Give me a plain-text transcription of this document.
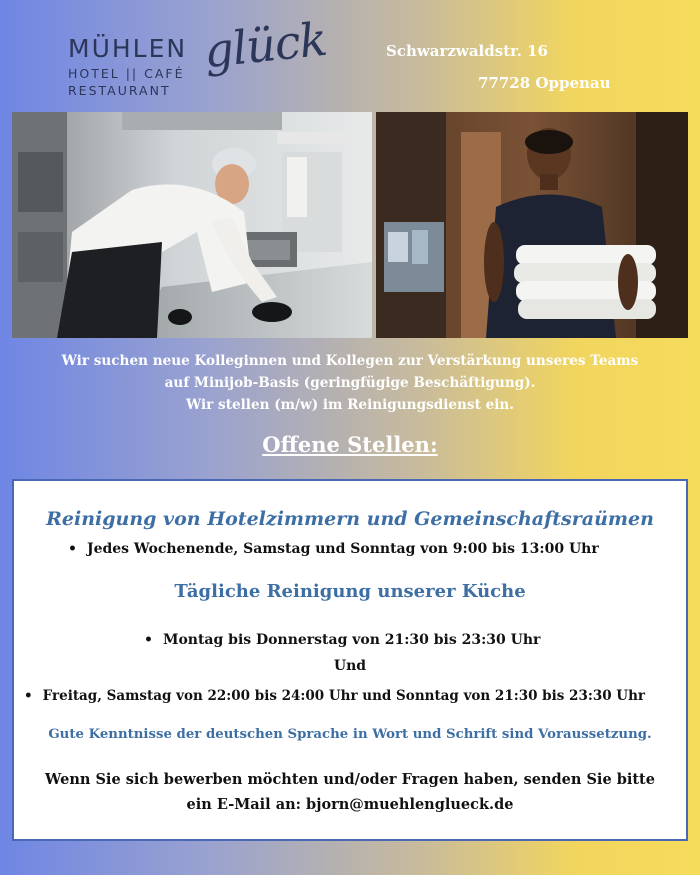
MÜHLEN glück
HOTEL || CAFÉ
RESTAURANT
Schwarzwaldstr. 16
77728 Oppenau
Wir suchen neue Kolleginnen und Kollegen zur Verstärkung unseres Teams
auf Minijob-Basis (geringfügige Beschäftigung).
Wir stellen (m/w) im Reinigungsdienst ein.
Offene Stellen:
Reinigung von Hotelzimmern und Gemeinschaftsraümen
• Jedes Wochenende, Samstag und Sonntag von 9:00 bis 13:00 Uhr
Tägliche Reinigung unserer Küche
• Montag bis Donnerstag von 21:30 bis 23:30 Uhr
Und
• Freitag, Samstag von 22:00 bis 24:00 Uhr und Sonntag von 21:30 bis 23:30 Uhr
Gute Kenntnisse der deutschen Sprache in Wort und Schrift sind Voraussetzung.
Wenn Sie sich bewerben möchten und/oder Fragen haben, senden Sie bitte
ein E-Mail an: bjorn@muehlenglueck.de
